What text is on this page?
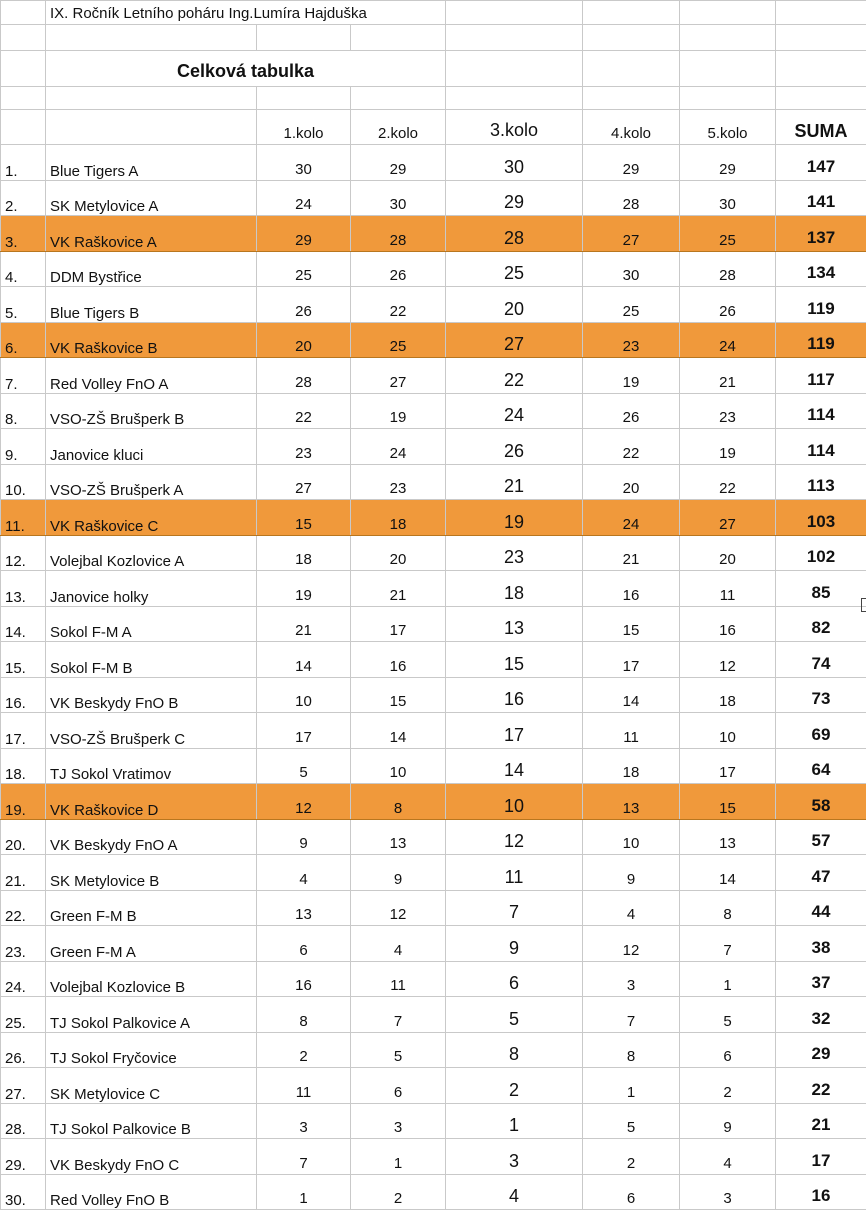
	IX. Ročník Letního poháru Ing.Lumíra Hajduška						

	Celková tabulka						

		1.kolo	2.kolo	3.kolo	4.kolo	5.kolo	SUMA
1.	Blue Tigers A	30	29	30	29	29	147
2.	SK Metylovice A	24	30	29	28	30	141
3.	VK Raškovice A	29	28	28	27	25	137
4.	DDM Bystřice	25	26	25	30	28	134
5.	Blue Tigers B	26	22	20	25	26	119
6.	VK Raškovice B	20	25	27	23	24	119
7.	Red Volley FnO A	28	27	22	19	21	117
8.	VSO-ZŠ Brušperk B	22	19	24	26	23	114
9.	Janovice kluci	23	24	26	22	19	114
10.	VSO-ZŠ Brušperk A	27	23	21	20	22	113
11.	VK Raškovice C	15	18	19	24	27	103
12.	Volejbal Kozlovice A	18	20	23	21	20	102
13.	Janovice holky	19	21	18	16	11	85
14.	Sokol F-M A	21	17	13	15	16	82
15.	Sokol F-M B	14	16	15	17	12	74
16.	VK Beskydy FnO B	10	15	16	14	18	73
17.	VSO-ZŠ Brušperk C	17	14	17	11	10	69
18.	TJ Sokol Vratimov	5	10	14	18	17	64
19.	VK Raškovice D	12	8	10	13	15	58
20.	VK Beskydy FnO A	9	13	12	10	13	57
21.	SK Metylovice B	4	9	11	9	14	47
22.	Green F-M B	13	12	7	4	8	44
23.	Green F-M A	6	4	9	12	7	38
24.	Volejbal Kozlovice B	16	11	6	3	1	37
25.	TJ Sokol Palkovice A	8	7	5	7	5	32
26.	TJ Sokol Fryčovice	2	5	8	8	6	29
27.	SK Metylovice C	11	6	2	1	2	22
28.	TJ Sokol Palkovice B	3	3	1	5	9	21
29.	VK Beskydy FnO C	7	1	3	2	4	17
30.	Red Volley FnO B	1	2	4	6	3	16
